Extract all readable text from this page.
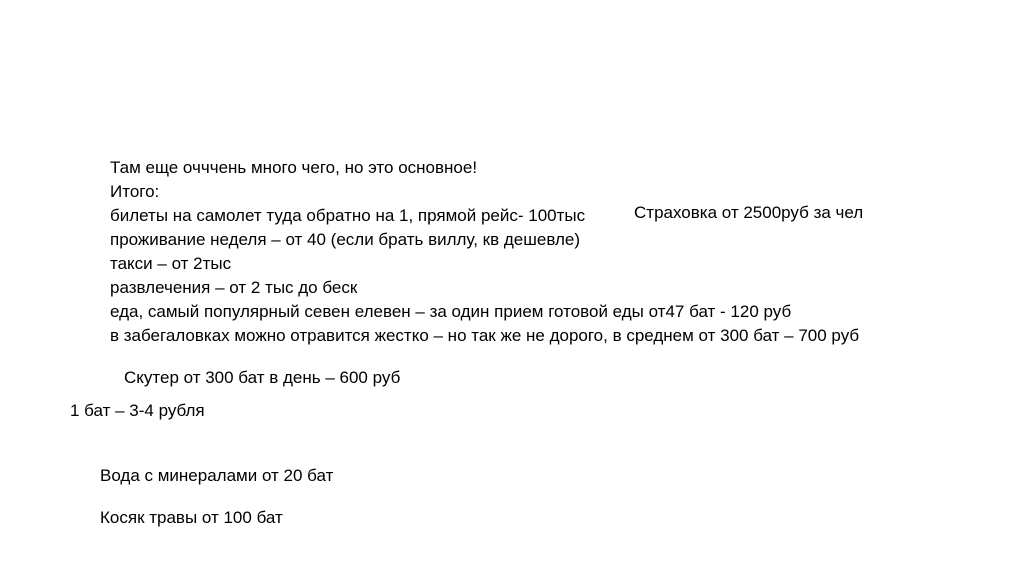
Там еще очччень много чего, но это основное!
Итого:
билеты на самолет туда обратно на 1, прямой рейс- 100тыс
проживание неделя – от 40 (если брать виллу, кв дешевле)
такси – от 2тыс
развлечения – от 2 тыс до беск
еда, самый популярный севен елевен – за один прием готовой еды от47 бат - 120 руб
в забегаловках можно отравится жестко – но так же не дорого, в среднем от 300 бат – 700 руб
Страховка от 2500руб за чел
Скутер от 300 бат в день – 600 руб
1 бат – 3-4 рубля
Вода с минералами от 20 бат
Косяк травы от 100 бат
